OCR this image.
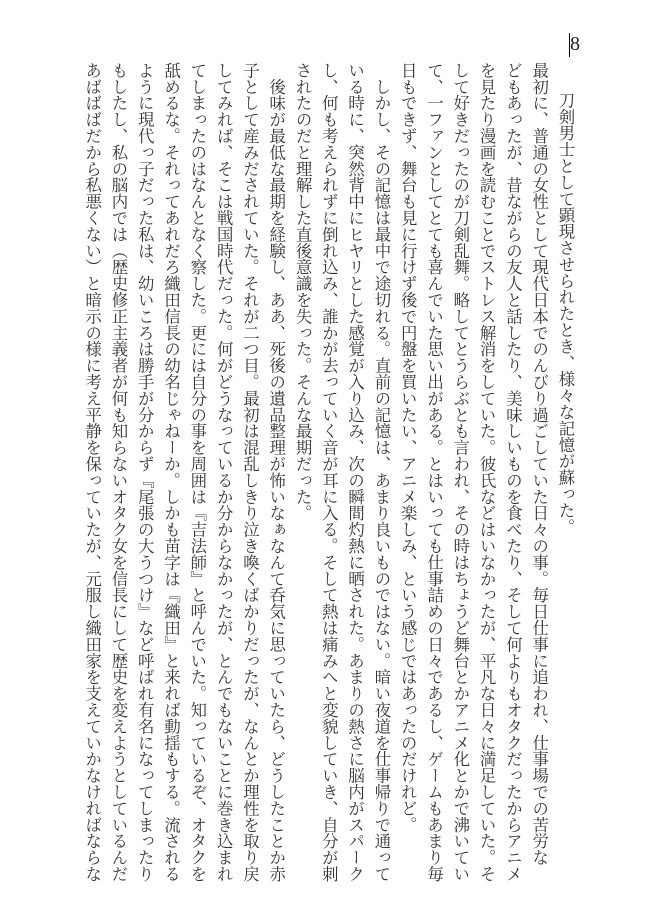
8

刀剣男士として顕現させられたとき、様々な記憶が蘇った。

最初に、普通の女性として現代日本でのんびり過ごしていた日々の事。毎日仕事に追われ、仕事場での苦労な

どもあったが、昔ながらの友人と話したり、美味しいものを食べたり、そして何よりもオタクだったからアニメ

を見たり漫画を読むことでストレス解消をしていた。彼氏などはいなかったが、平凡な日々に満足していた。そ

して好きだったのが刀剣乱舞。略してとうらぶとも言われ、その時はちょうど舞台とかアニメ化とかで沸いてい

て、一ファンとしてとても喜んでいた思い出がある。とはいっても仕事詰めの日々であるし、ゲームもあまり毎

日もできず、舞台も見に行けず後で円盤を買いたい、アニメ楽しみ、という感じではあったのだけれど。

　しかし、その記憶は最中で途切れる。直前の記憶は、あまり良いものではない。暗い夜道を仕事帰りで通って

いる時に、突然背中にヒヤリとした感覚が入り込み、次の瞬間灼熱に晒された。あまりの熱さに脳内がスパーク

し、何も考えられずに倒れ込み、誰かが去っていく音が耳に入る。そして熱は痛みへと変貌していき、自分が刺

されたのだと理解した直後意識を失った。そんな最期だった。

　後味が最低な最期を経験し、ああ、死後の遺品整理が怖いなぁなんて呑気に思っていたら、どうしたことか赤

子として産みだされていた。それが二つ目。最初は混乱しきり泣き喚くばかりだったが、なんとか理性を取り戻

してみれば、そこは戦国時代だった。何がどうなっているか分からなかったが、とんでもないことに巻き込まれ

てしまったのはなんとなく察した。更には自分の事を周囲は『吉法師』と呼んでいた。知っているぞ、オタクを

舐めるな。それってあれだろ織田信長の幼名じゃねーか。しかも苗字は『織田』と来れば動揺もする。流される

ように現代っ子だった私は、幼いころは勝手が分からず『尾張の大うつけ』など呼ばれ有名になってしまったり

もしたし、私の脳内では（歴史修正主義者が何も知らないオタク女を信長にして歴史を変えようとしているんだ

あばばばだから私悪くない）と暗示の様に考え平静を保っていたが、元服し織田家を支えていかなければならな
